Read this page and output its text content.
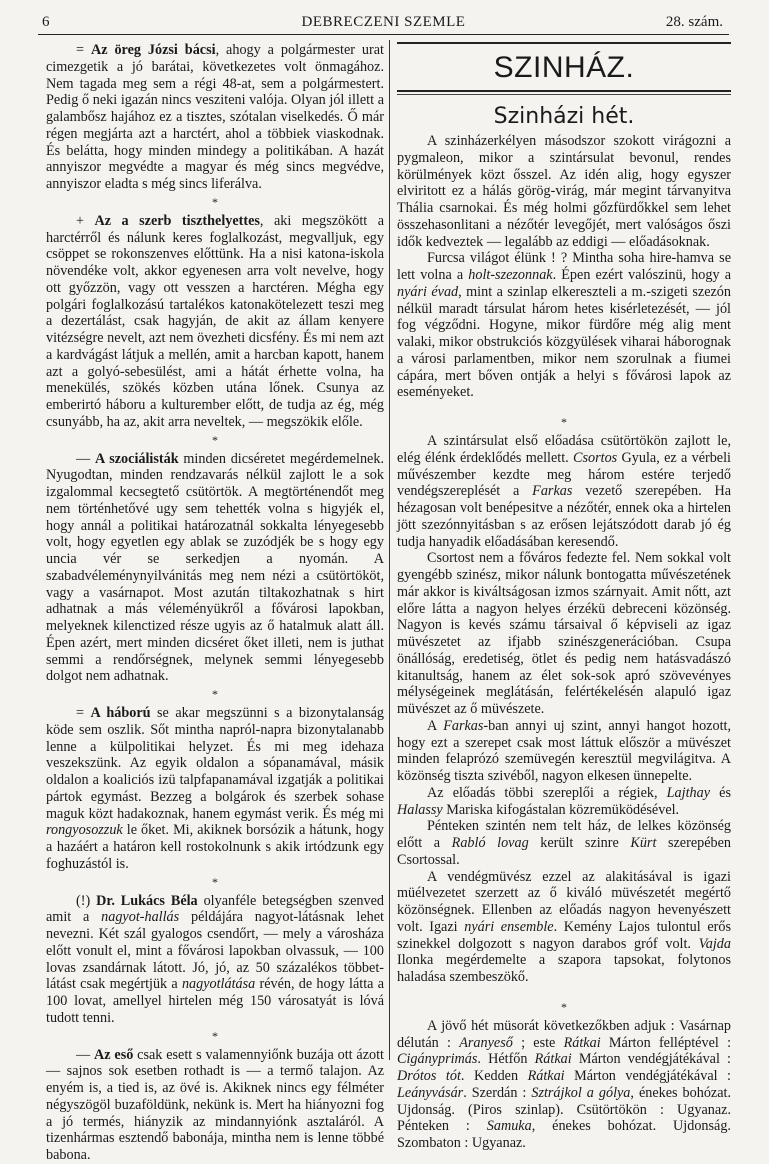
6	DEBRECZENI SZEMLE	28. szám.

= Az öreg Józsi bácsi, ahogy a polgármester urat cimezgetik a jó barátai, következetes volt önmagához. Nem tagada meg sem a régi 48-at, sem a polgármestert. Pedig ő neki igazán nincs vesziteni valója. Olyan jól illett a galambősz hajához ez a tisztes, szótalan viselkedés. Ő már régen megjárta azt a harctért, ahol a többiek viaskodnak. És belátta, hogy minden mindegy a politikában. A hazát annyiszor megvédte a magyar és még sincs megvédve, annyiszor eladta s még sincs liferálva.

*

+ Az a szerb tiszthelyettes, aki megszökött a harctérről és nálunk keres foglalkozást, megvalljuk, egy csöppet se rokonszenves előttünk. Ha a nisi katona-iskola növendéke volt, akkor egyenesen arra volt nevelve, hogy ott győzzön, vagy ott vesszen a harctéren. Mégha egy polgári foglalkozású tartalékos katonakötelezett teszi meg a dezertálást, csak hagyján, de akit az állam kenyere vitézségre nevelt, azt nem övezheti dicsfény. És mi nem azt a kardvágást látjuk a mellén, amit a harcban kapott, hanem azt a golyó-sebesülést, ami a hátát érhette volna, ha menekülés, szökés közben utána lőnek. Csunya az emberirtó háboru a kulturember előtt, de tudja az ég, még csunyább, ha az, akit arra neveltek, — megszökik előle.

*

— A szociálisták minden dicséretet megérdemelnek. Nyugodtan, minden rendzavarás nélkül zajlott le a sok izgalommal kecsegtető csütörtök. A megtörténendőt meg nem történhetővé ugy sem tehették volna s higyjék el, hogy annál a politikai határozatnál sokkalta lényegesebb volt, hogy egyetlen egy ablak se zuzódjék be s hogy egy uncia vér se serkedjen a nyomán. A szabadvéleménynyilvánitás meg nem nézi a csütörtököt, vagy a vasárnapot. Most azután tiltakozhatnak s hirt adhatnak a más véleményükről a fővárosi lapokban, melyeknek kilenctized része ugyis az ő hatalmuk alatt áll. Épen azért, mert minden dicséret őket illeti, nem is juthat semmi a rendőrségnek, melynek semmi lényegesebb dolgot nem adhatnak.

*

= A háború se akar megszünni s a bizonytalanság köde sem oszlik. Sőt mintha napról-napra bizonytalanabb lenne a külpolitikai helyzet. És mi meg idehaza veszekszünk. Az egyik oldalon a sópanamával, másik oldalon a koaliciós izü talpfapanamával izgatják a politikai pártok egymást. Bezzeg a bolgárok és szerbek sohase maguk közt hadakoznak, hanem egymást verik. És még mi rongyosozzuk le őket. Mi, akiknek borsózik a hátunk, hogy a hazáért a határon kell rostokolnunk s akik irtódzunk egy foghuzástól is.

*

(!) Dr. Lukács Béla olyanféle betegségben szenved amit a nagyot-hallás példájára nagyot-látásnak lehet nevezni. Két szál gyalogos csendőrt, — mely a városháza előtt vonult el, mint a fővárosi lapokban olvassuk, — 100 lovas zsandárnak látott. Jó, jó, az 50 százalékos többet-látást csak megértjük a nagyotlátása révén, de hogy látta a 100 lovat, amellyel hirtelen még 150 városatyát is lóvá tudott tenni.

*

— Az eső csak esett s valamennyiőnk buzája ott ázott — sajnos sok esetben rothadt is — a termő talajon. Az enyém is, a tied is, az övé is. Akiknek nincs egy félméter négyszögöl buzaföldünk, nekünk is. Mert ha hiányozni fog a jó termés, hiányzik az mindannyiónk asztaláról. A tizenhármas esztendő babonája, mintha nem is lenne többé babona.

SZINHÁZ.
Szinházi hét.

A szinházerkélyen másodszor szokott virágozni a pygmaleon, mikor a szintársulat bevonul, rendes körülmények közt ősszel. Az idén alig, hogy egyszer elviritott ez a hálás görög-virág, már megint tárvanyitva Thália csarnokai. És még holmi gőzfürdőkkel sem lehet összehasonlitani a nézőtér levegőjét, mert valóságos őszi idők kedveztek — legalább az eddigi — előadásoknak.

Furcsa világot élünk ! ? Mintha soha hire-hamva se lett volna a holt-szezonnak. Épen ezért valószinü, hogy a nyári évad, mint a szinlap elkereszteli a m.-szigeti szezón nélkül maradt társulat három hetes kisérletezését, — jól fog végződni. Hogyne, mikor fürdőre még alig ment valaki, mikor obstrukciós közgyülések viharai háborognak a városi parlamentben, mikor nem szorulnak a fiumei cápára, mert bőven ontják a helyi s fővárosi lapok az eseményeket.

*

A szintársulat első előadása csütörtökön zajlott le, elég élénk érdeklődés mellett. Csortos Gyula, ez a vérbeli művészember kezdte meg három estére terjedő vendégszereplését a Farkas vezető szerepében. Ha hézagosan volt benépesitve a nézőtér, ennek oka a hirtelen jött szezónnyitásban s az erősen lejátszódott darab jó ég tudja hanyadik előadásában keresendő.

Csortost nem a főváros fedezte fel. Nem sokkal volt gyengébb szinész, mikor nálunk bontogatta művészetének már akkor is kiváltságosan izmos szárnyait. Amit nőtt, azt előre látta a nagyon helyes érzékü debreceni közönség. Nagyon is kevés számu társaival ő képviseli az igaz müvészetet az ifjabb szinészgenerációban. Csupa önállóság, eredetiség, ötlet és pedig nem hatásvadászó kitanultság, hanem az élet sok-sok apró szövevényes mélységeinek meglátásán, felértékelésén alapuló igaz müvészet az ő müvészete.

A Farkas-ban annyi uj szint, annyi hangot hozott, hogy ezt a szerepet csak most láttuk először a müvészet minden felaprózó szemüvegén keresztül megvilágitva. A közönség tiszta szivéből, nagyon elkesen ünnepelte.

Az előadás többi szereplői a régiek, Lajthay és Halassy Mariska kifogástalan közremüködésével.

Pénteken szintén nem telt ház, de lelkes közönség előtt a Rabló lovag került szinre Kürt szerepében Csortossal.

A vendégmüvész ezzel az alakitásával is igazi müélvezetet szerzett az ő kiváló müvészetét megértő közönségnek. Ellenben az előadás nagyon hevenyészett volt. Igazi nyári ensemble. Kemény Lajos tulontul erős szinekkel dolgozott s nagyon darabos gróf volt. Vajda Ilonka megérdemelte a szapora tapsokat, folytonos haladása szembeszökő.

*

A jövő hét müsorát következőkben adjuk : Vasárnap délután : Aranyeső ; este Rátkai Márton felléptével : Cigányprimás. Hétfőn Rátkai Márton vendégjátékával : Drótos tót. Kedden Rátkai Márton vendégjátékával : Leányvásár. Szerdán : Sztrájkol a gólya, énekes bohózat. Ujdonság. (Piros szinlap). Csütörtökön : Ugyanaz. Pénteken : Samuka, énekes bohózat. Ujdonság. Szombaton : Ugyanaz.
